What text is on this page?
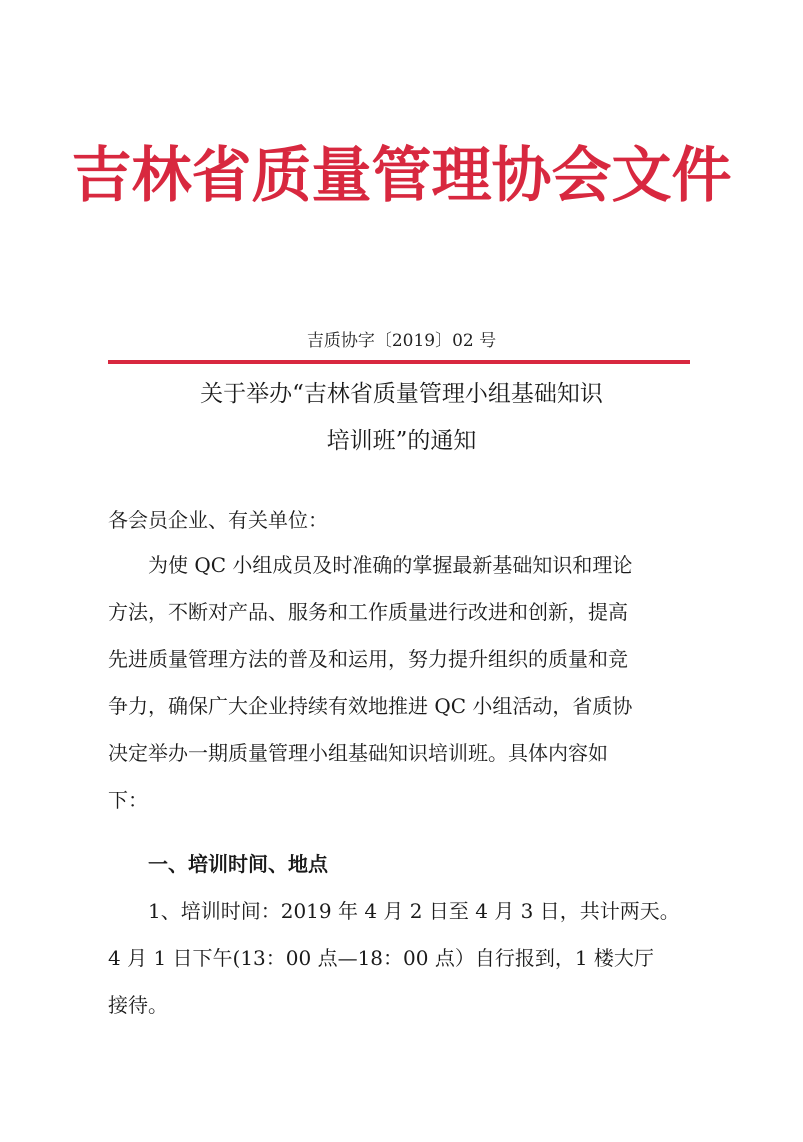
吉林省质量管理协会文件
吉质协字〔2019〕02 号
关于举办“吉林省质量管理小组基础知识
培训班”的通知
各会员企业、有关单位：
为使 QC 小组成员及时准确的掌握最新基础知识和理论
方法，不断对产品、服务和工作质量进行改进和创新，提高
先进质量管理方法的普及和运用，努力提升组织的质量和竞
争力，确保广大企业持续有效地推进 QC 小组活动，省质协
决定举办一期质量管理小组基础知识培训班。具体内容如
下：
一、培训时间、地点
1、培训时间：2019 年 4 月 2 日至 4 月 3 日，共计两天。
4 月 1 日下午(13：00 点—18：00 点）自行报到，1 楼大厅
接待。
